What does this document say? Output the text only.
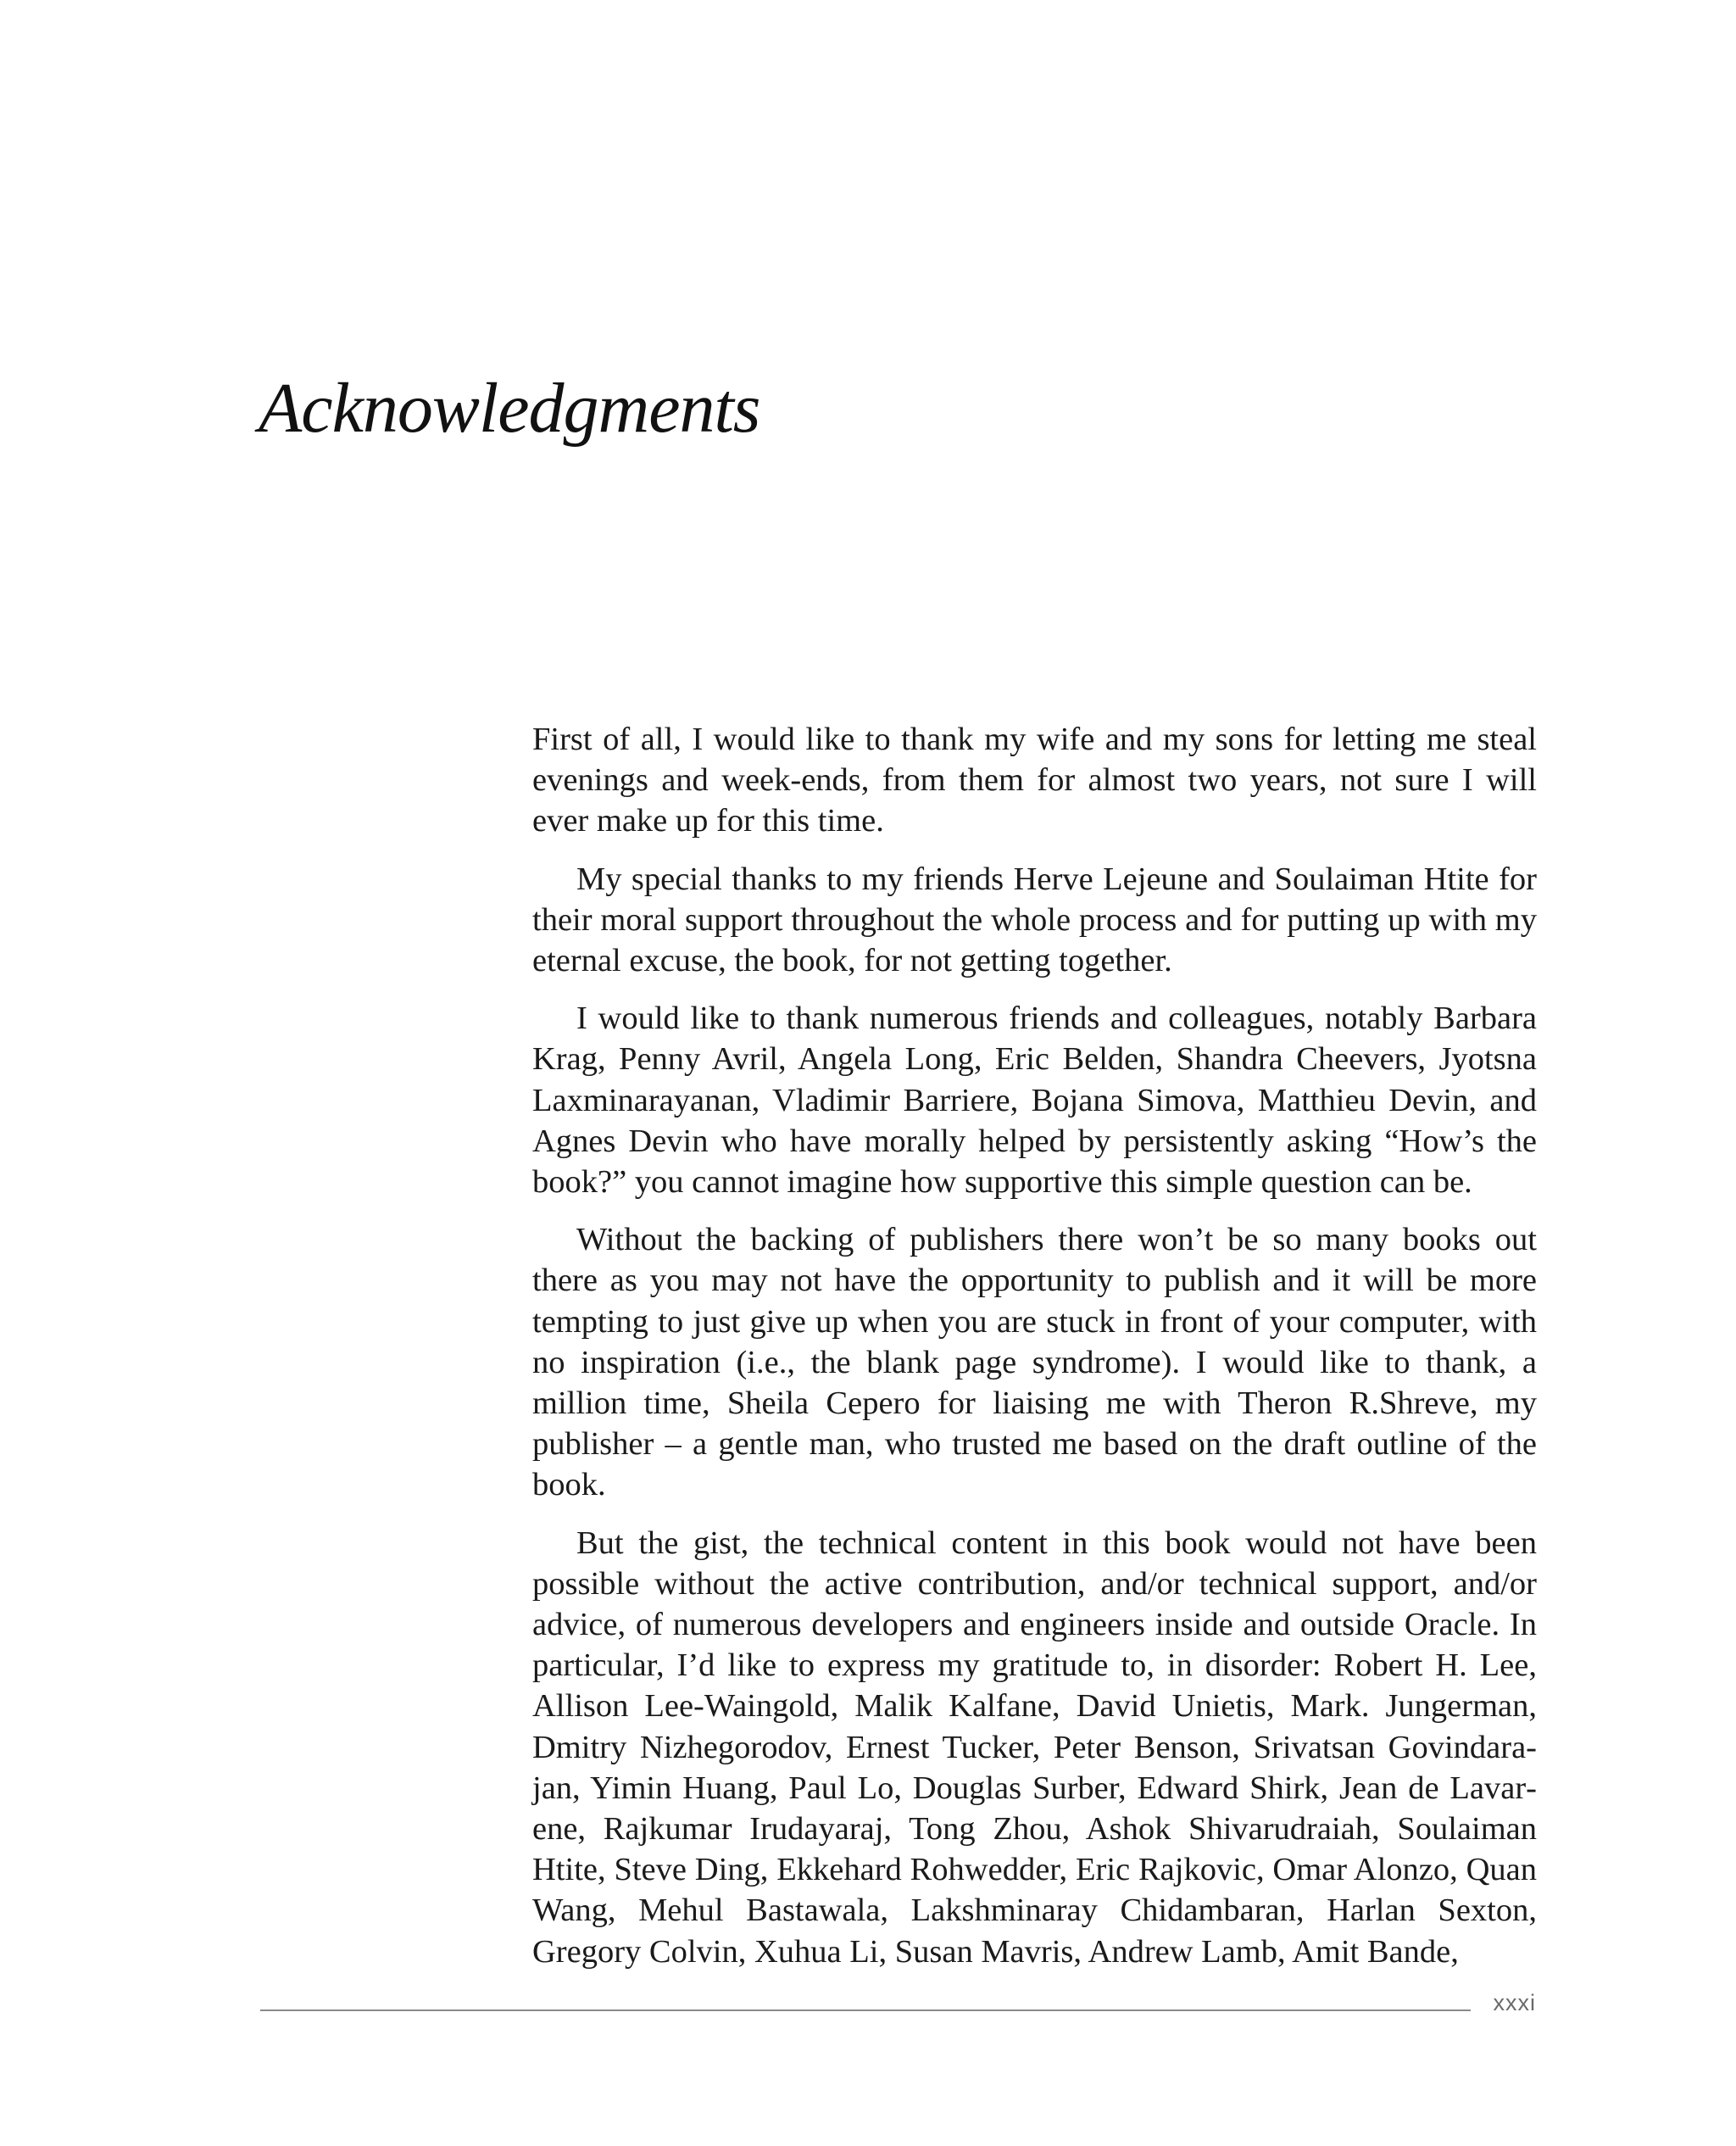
Acknowledgments

First of all, I would like to thank my wife and my sons for letting me steal evenings and week-ends, from them for almost two years, not sure I will ever make up for this time.

My special thanks to my friends Herve Lejeune and Soulaiman Htite for their moral support throughout the whole process and for putting up with my eternal excuse, the book, for not getting together.

I would like to thank numerous friends and colleagues, notably Barbara Krag, Penny Avril, Angela Long, Eric Belden, Shandra Cheevers, Jyotsna Laxminarayanan, Vladimir Barriere, Bojana Simova, Matthieu Devin, and Agnes Devin who have morally helped by persistently asking “How’s the book?” you cannot imagine how supportive this simple question can be.

Without the backing of publishers there won’t be so many books out there as you may not have the opportunity to publish and it will be more tempting to just give up when you are stuck in front of your computer, with no inspiration (i.e., the blank page syndrome). I would like to thank, a million time, Sheila Cepero for liaising me with Theron R.Shreve, my publisher – a gentle man, who trusted me based on the draft outline of the book.

But the gist, the technical content in this book would not have been possible without the active contribution, and/or technical support, and/or advice, of numerous developers and engineers inside and outside Oracle. In particular, I’d like to express my gratitude to, in disorder: Robert H. Lee, Allison Lee-Waingold, Malik Kalfane, David Unietis, Mark. Jungerman, Dmitry Nizhegorodov, Ernest Tucker, Peter Benson, Srivatsan Govindarajan, Yimin Huang, Paul Lo, Douglas Surber, Edward Shirk, Jean de Lavarene, Rajkumar Irudayaraj, Tong Zhou, Ashok Shivarudraiah, Soulaiman Htite, Steve Ding, Ekkehard Rohwedder, Eric Rajkovic, Omar Alonzo, Quan Wang, Mehul Bastawala, Lakshminaray Chidambaran, Harlan Sexton, Gregory Colvin, Xuhua Li, Susan Mavris, Andrew Lamb, Amit Bande,

xxxi
